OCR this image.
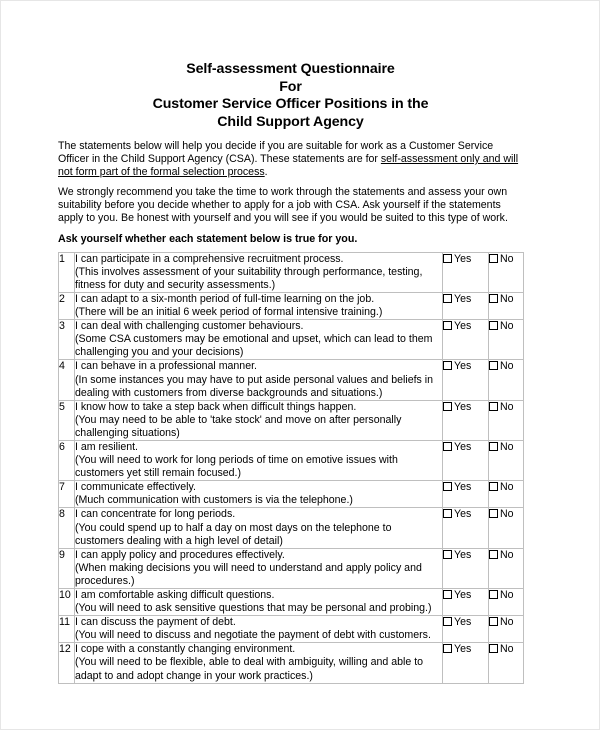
Self-assessment Questionnaire
For
Customer Service Officer Positions in the
Child Support Agency

The statements below will help you decide if you are suitable for work as a Customer Service Officer in the Child Support Agency (CSA). These statements are for self-assessment only and will not form part of the formal selection process.

We strongly recommend you take the time to work through the statements and assess your own suitability before you decide whether to apply for a job with CSA. Ask yourself if the statements apply to you. Be honest with yourself and you will see if you would be suited to this type of work.

Ask yourself whether each statement below is true for you.

1	I can participate in a comprehensive recruitment process.
(This involves assessment of your suitability through performance, testing, fitness for duty and security assessments.)	Yes	No
2	I can adapt to a six-month period of full-time learning on the job.
(There will be an initial 6 week period of formal intensive training.)	Yes	No
3	I can deal with challenging customer behaviours.
(Some CSA customers may be emotional and upset, which can lead to them challenging you and your decisions)	Yes	No
4	I can behave in a professional manner.
(In some instances you may have to put aside personal values and beliefs in dealing with customers from diverse backgrounds and situations.)	Yes	No
5	I know how to take a step back when difficult things happen.
(You may need to be able to 'take stock' and move on after personally challenging situations)	Yes	No
6	I am resilient.
(You will need to work for long periods of time on emotive issues with customers yet still remain focused.)	Yes	No
7	I communicate effectively.
(Much communication with customers is via the telephone.)	Yes	No
8	I can concentrate for long periods.
(You could spend up to half a day on most days on the telephone to customers dealing with a high level of detail)	Yes	No
9	I can apply policy and procedures effectively.
(When making decisions you will need to understand and apply policy and procedures.)	Yes	No
10	I am comfortable asking difficult questions.
(You will need to ask sensitive questions that may be personal and probing.)	Yes	No
11	I can discuss the payment of debt.
(You will need to discuss and negotiate the payment of debt with customers.	Yes	No
12	I cope with a constantly changing environment.
(You will need to be flexible, able to deal with ambiguity, willing and able to adapt to and adopt change in your work practices.)	Yes	No
